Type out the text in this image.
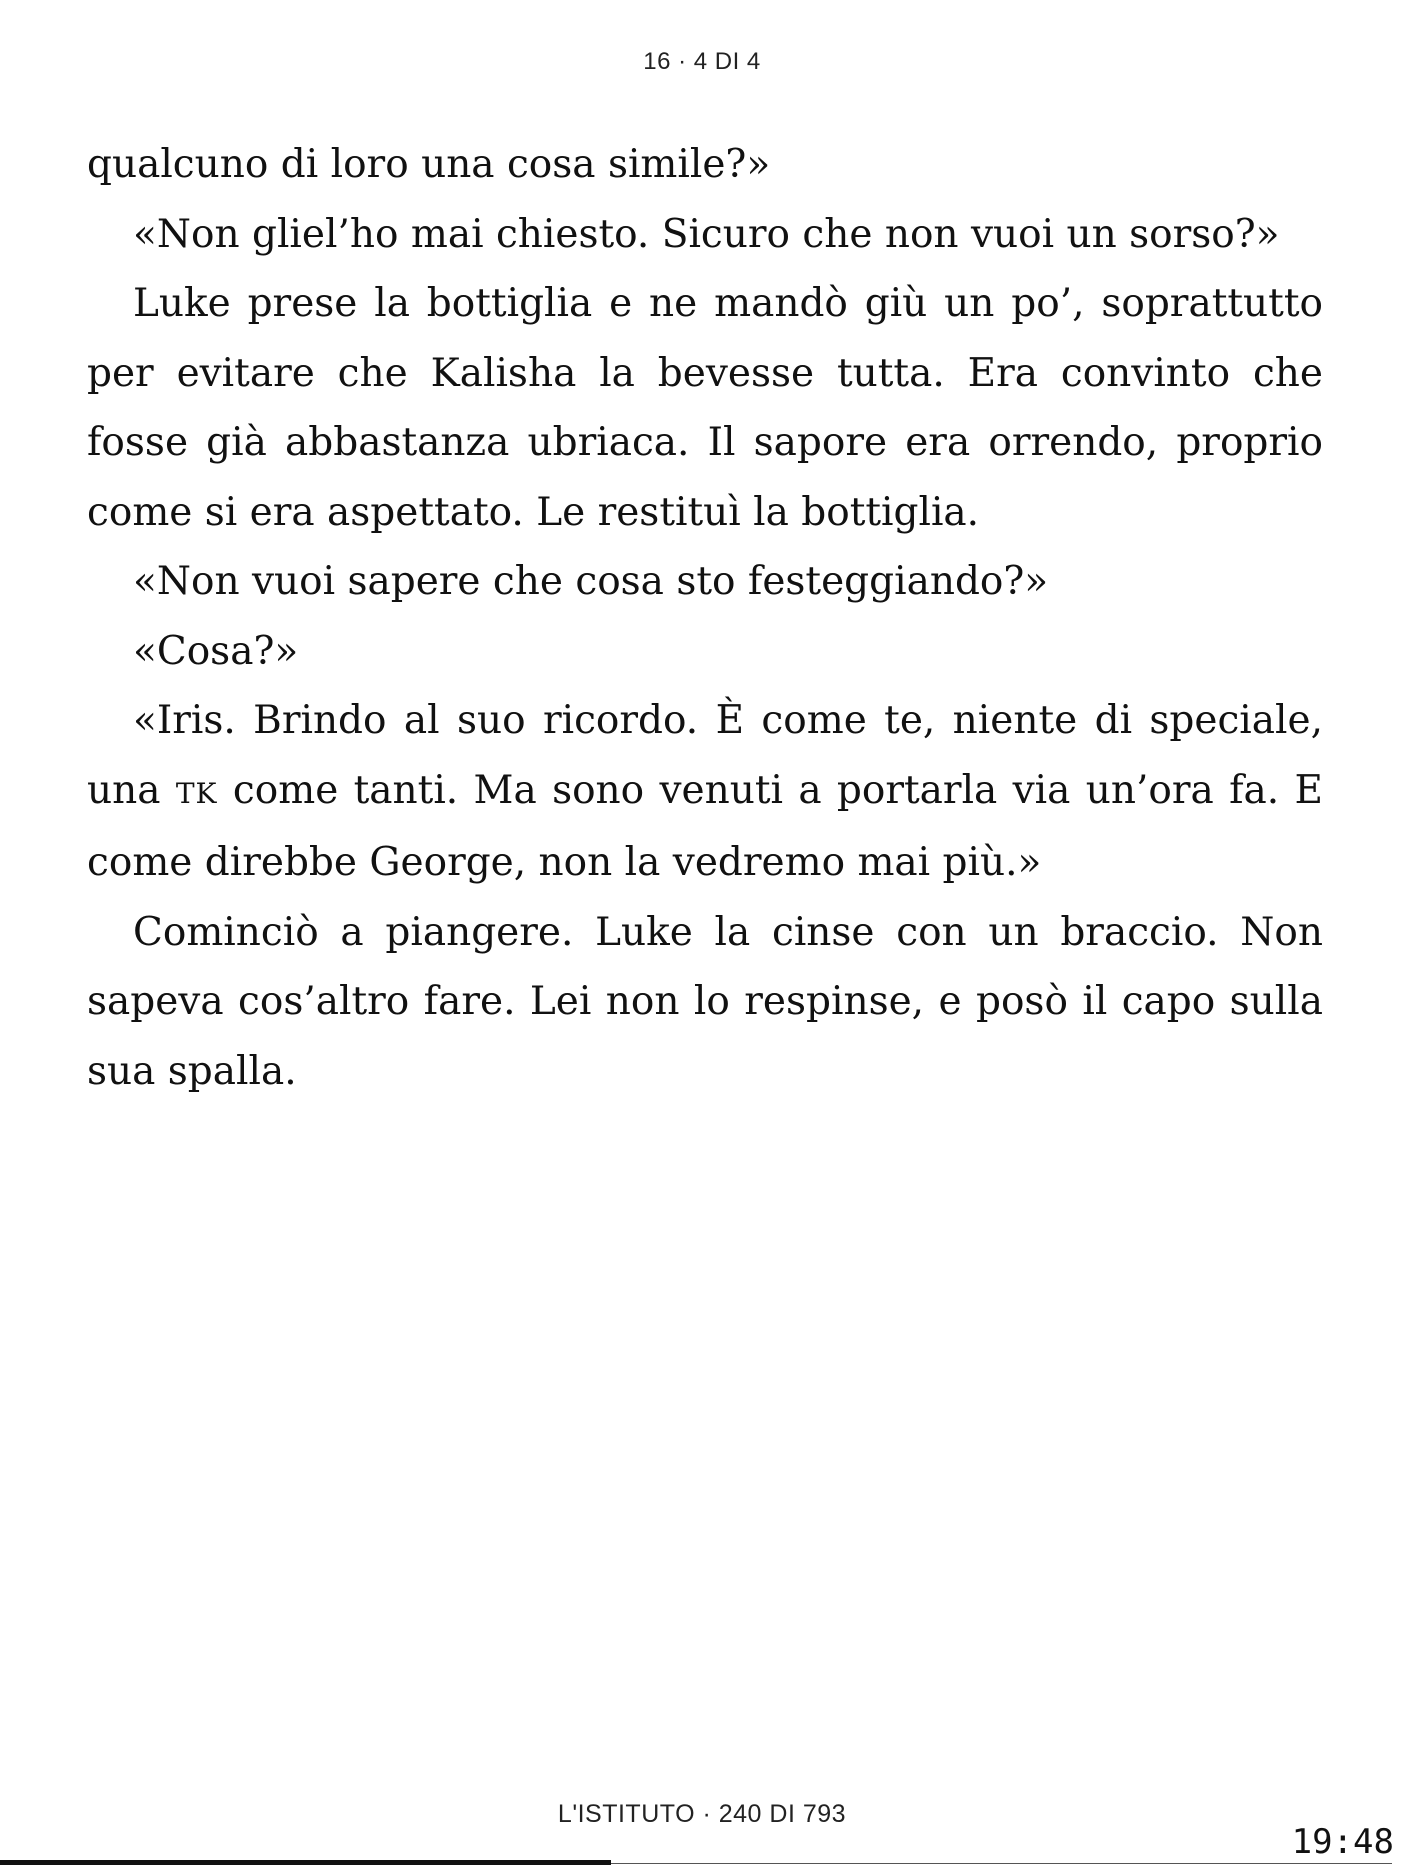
16 · 4 DI 4

qualcuno di loro una cosa simile?»

«Non gliel’ho mai chiesto. Sicuro che non vuoi un sorso?»

Luke prese la bottiglia e ne mandò giù un po’, soprattutto per evitare che Kalisha la bevesse tutta. Era convinto che fosse già abbastanza ubriaca. Il sapore era orrendo, proprio come si era aspettato. Le restituì la bottiglia.

«Non vuoi sapere che cosa sto festeggiando?»

«Cosa?»

«Iris. Brindo al suo ricordo. È come te, niente di speciale, una TK come tanti. Ma sono venuti a portarla via un’ora fa. E come direbbe George, non la vedremo mai più.»

Cominciò a piangere. Luke la cinse con un braccio. Non sapeva cos’altro fare. Lei non lo respinse, e posò il capo sulla sua spalla.

L'ISTITUTO · 240 DI 793
19:48
